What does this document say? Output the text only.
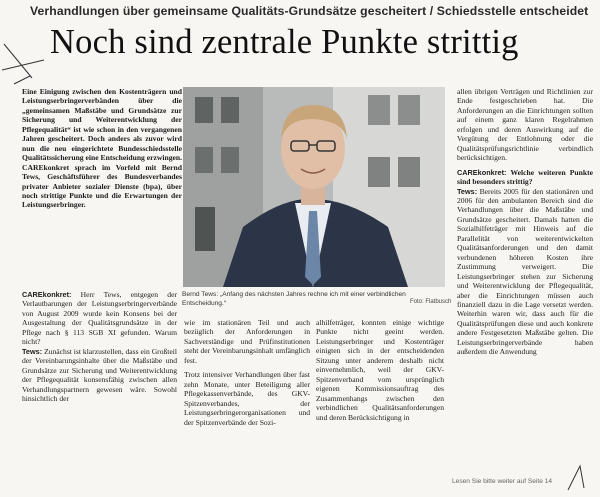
Verhandlungen über gemeinsame Qualitäts-Grundsätze gescheitert / Schiedsstelle entscheidet
Noch sind zentrale Punkte strittig

Eine Einigung zwischen den Kostenträgern und Leistungserbringerverbänden über die „gemeinsamen Maßstäbe und Grundsätze zur Sicherung und Weiterentwicklung der Pflegequalität“ ist wie schon in den vergangenen Jahren gescheitert. Doch anders als zuvor wird nun die neu eingerichtete Bundesschiedsstelle Qualitätssicherung eine Entscheidung erzwingen. CAREkonkret sprach im Vorfeld mit Bernd Tews, Geschäftsführer des Bundesverbandes privater Anbieter sozialer Dienste (bpa), über noch strittige Punkte und die Erwartungen der Leistungserbringer.

Bernd Tews: „Anfang des nächsten Jahres rechne ich mit einer verbindlichen Entscheidung.“	Foto: Flatbusch

CAREkonkret: Herr Tews, entgegen der Verlautbarungen der Leistungserbringerverbände von August 2009 wurde kein Konsens bei der Ausgestaltung der Qualitätsgrundsätze in der Pflege nach § 113 SGB XI gefunden. Warum nicht?

Tews: Zunächst ist klarzustellen, dass ein Großteil der Vereinbarungsinhalte über die Maßstäbe und Grundsätze zur Sicherung und Weiterentwicklung der Pflegequalität konsensfähig zwischen allen Verhandlungspartnern gewesen wäre. Sowohl hinsichtlich der

wie im stationären Teil und auch bezüglich der Anforderungen in Sachverständige und Prüfinstitutionen steht der Vereinbarungsinhalt umfänglich fest.

Trotz intensiver Verhandlungen über fast zehn Monate, unter Beteiligung aller Pflegekassenverbände, des GKV-Spitzenverbandes, der Leistungserbringerorganisationen und der Spitzenverbände der Sozi-

alhilfeträger, konnten einige wichtige Punkte nicht geeint werden. Leistungserbringer und Kostenträger einigten sich in der entscheidenden Sitzung unter anderem deshalb nicht einvernehmlich, weil der GKV-Spitzenverband vom ursprünglich eigenen Kommissionsauftrag des Zusammenhangs zwischen den verbindlichen Qualitätsanforderungen und deren Berücksichtigung in

allen übrigen Verträgen und Richtlinien zur Ende festgeschrieben hat. Die Anforderungen an die Einrichtungen sollten auf einem ganz klaren Regelrahmen erfolgen und deren Auswirkung auf die Vergütung der Entlohnung oder die Qualitätsprüfungsrichtlinie verbindlich berücksichtigen.

CAREkonkret: Welche weiteren Punkte sind besonders strittig?

Tews: Bereits 2005 für den stationären und 2006 für den ambulanten Bereich sind die Verhandlungen über die Maßstäbe und Grundsätze gescheitert. Damals hatten die Sozialhilfeträger mit Hinweis auf die Parallelität von weiterentwickelten Qualitätsanforderungen und den damit verbundenen höheren Kosten ihre Zustimmung verweigert. Die Leistungserbringer stehen zur Sicherung und Weiterentwicklung der Pflegequalität, aber die Einrichtungen müssen auch finanziell dazu in die Lage versetzt werden. Weiterhin waren wir, dass auch für die Qualitätsprüfungen diese und auch konkrete andere Festgesetzten Maßstäbe gelten. Die Leistungserbringerverbände haben außerdem die Anwendung

Lesen Sie bitte weiter auf Seite 14
